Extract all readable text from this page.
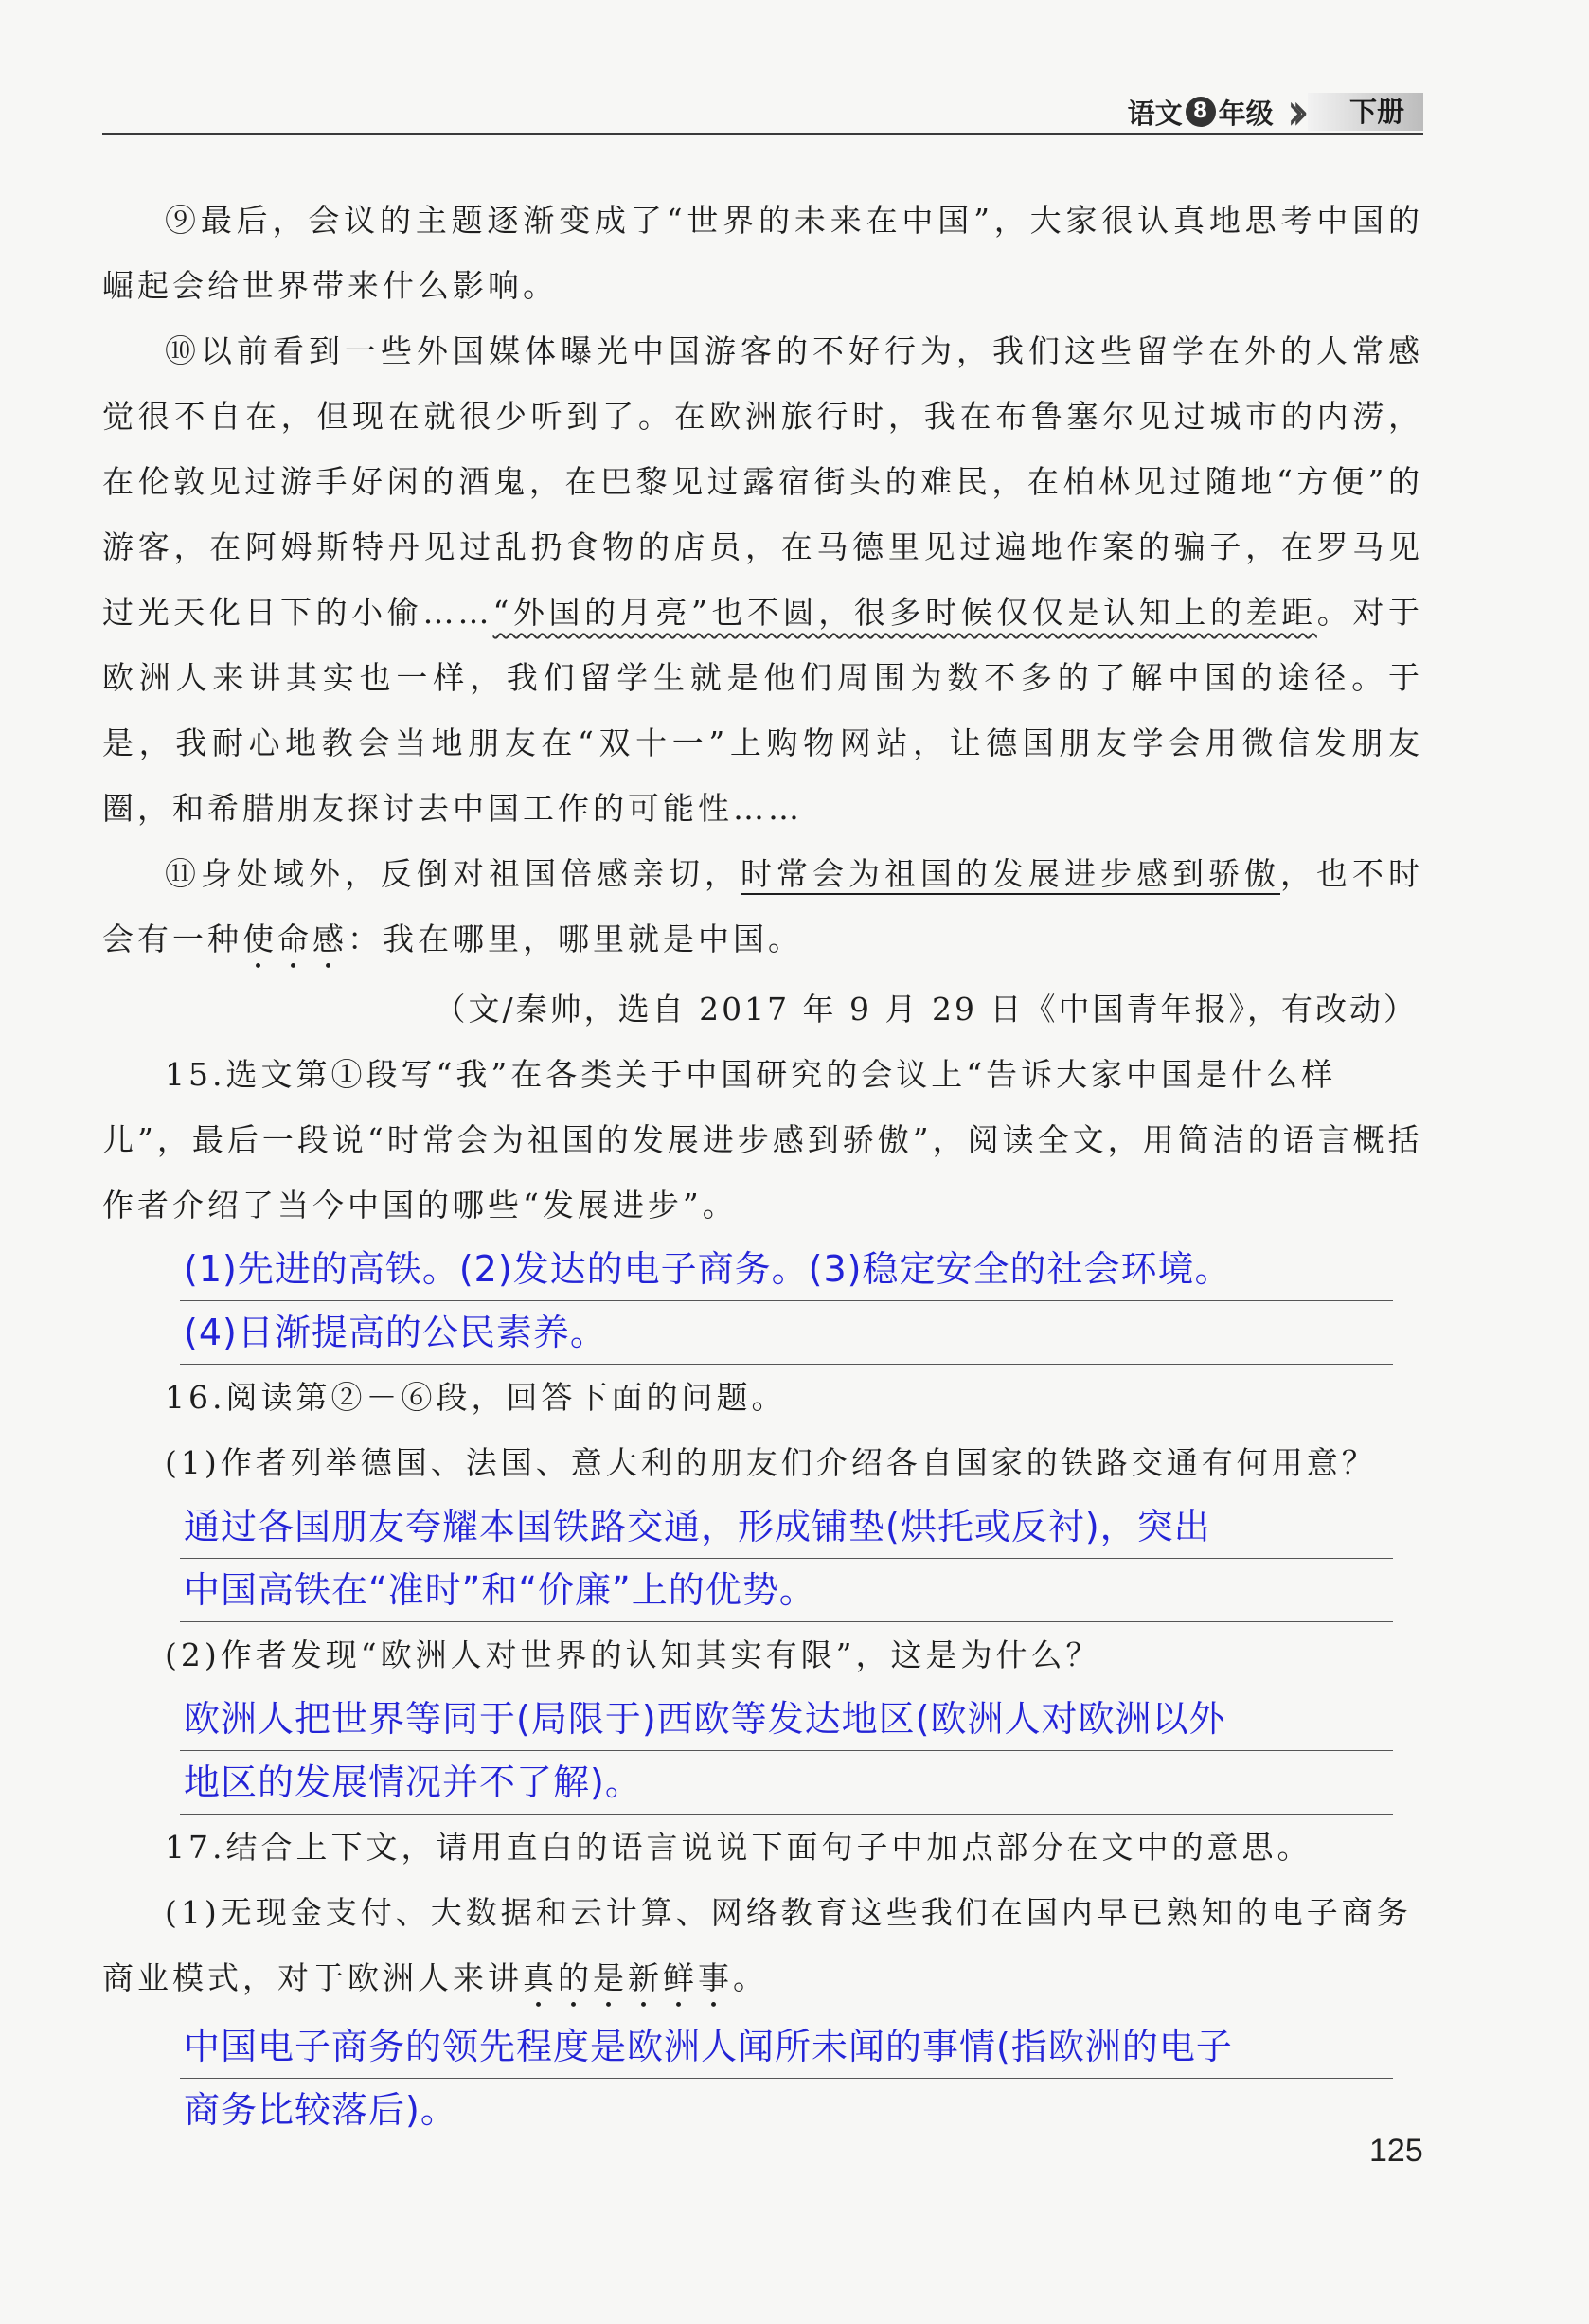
语文 8 年级 ››	下册

⑨最后，会议的主题逐渐变成了“世界的未来在中国”，大家很认真地思考中国的崛起会给世界带来什么影响。

⑩以前看到一些外国媒体曝光中国游客的不好行为，我们这些留学在外的人常感觉很不自在，但现在就很少听到了。在欧洲旅行时，我在布鲁塞尔见过城市的内涝，在伦敦见过游手好闲的酒鬼，在巴黎见过露宿街头的难民，在柏林见过随地“方便”的游客，在阿姆斯特丹见过乱扔食物的店员，在马德里见过遍地作案的骗子，在罗马见过光天化日下的小偷……“外国的月亮”也不圆，很多时候仅仅是认知上的差距。对于欧洲人来讲其实也一样，我们留学生就是他们周围为数不多的了解中国的途径。于是，我耐心地教会当地朋友在“双十一”上购物网站，让德国朋友学会用微信发朋友圈，和希腊朋友探讨去中国工作的可能性……

⑪身处域外，反倒对祖国倍感亲切，时常会为祖国的发展进步感到骄傲，也不时会有一种使命感：我在哪里，哪里就是中国。

（文/秦帅，选自 2017 年 9 月 29 日《中国青年报》，有改动）

15.选文第①段写“我”在各类关于中国研究的会议上“告诉大家中国是什么样儿”，最后一段说“时常会为祖国的发展进步感到骄傲”，阅读全文，用简洁的语言概括作者介绍了当今中国的哪些“发展进步”。

(1)先进的高铁。(2)发达的电子商务。(3)稳定安全的社会环境。
(4)日渐提高的公民素养。

16.阅读第②－⑥段，回答下面的问题。

(1)作者列举德国、法国、意大利的朋友们介绍各自国家的铁路交通有何用意？

通过各国朋友夸耀本国铁路交通，形成铺垫(烘托或反衬)，突出
中国高铁在“准时”和“价廉”上的优势。

(2)作者发现“欧洲人对世界的认知其实有限”，这是为什么？

欧洲人把世界等同于(局限于)西欧等发达地区(欧洲人对欧洲以外
地区的发展情况并不了解)。

17.结合上下文，请用直白的语言说说下面句子中加点部分在文中的意思。

(1)无现金支付、大数据和云计算、网络教育这些我们在国内早已熟知的电子商务商业模式，对于欧洲人来讲真的是新鲜事。

中国电子商务的领先程度是欧洲人闻所未闻的事情(指欧洲的电子
商务比较落后)。
125
